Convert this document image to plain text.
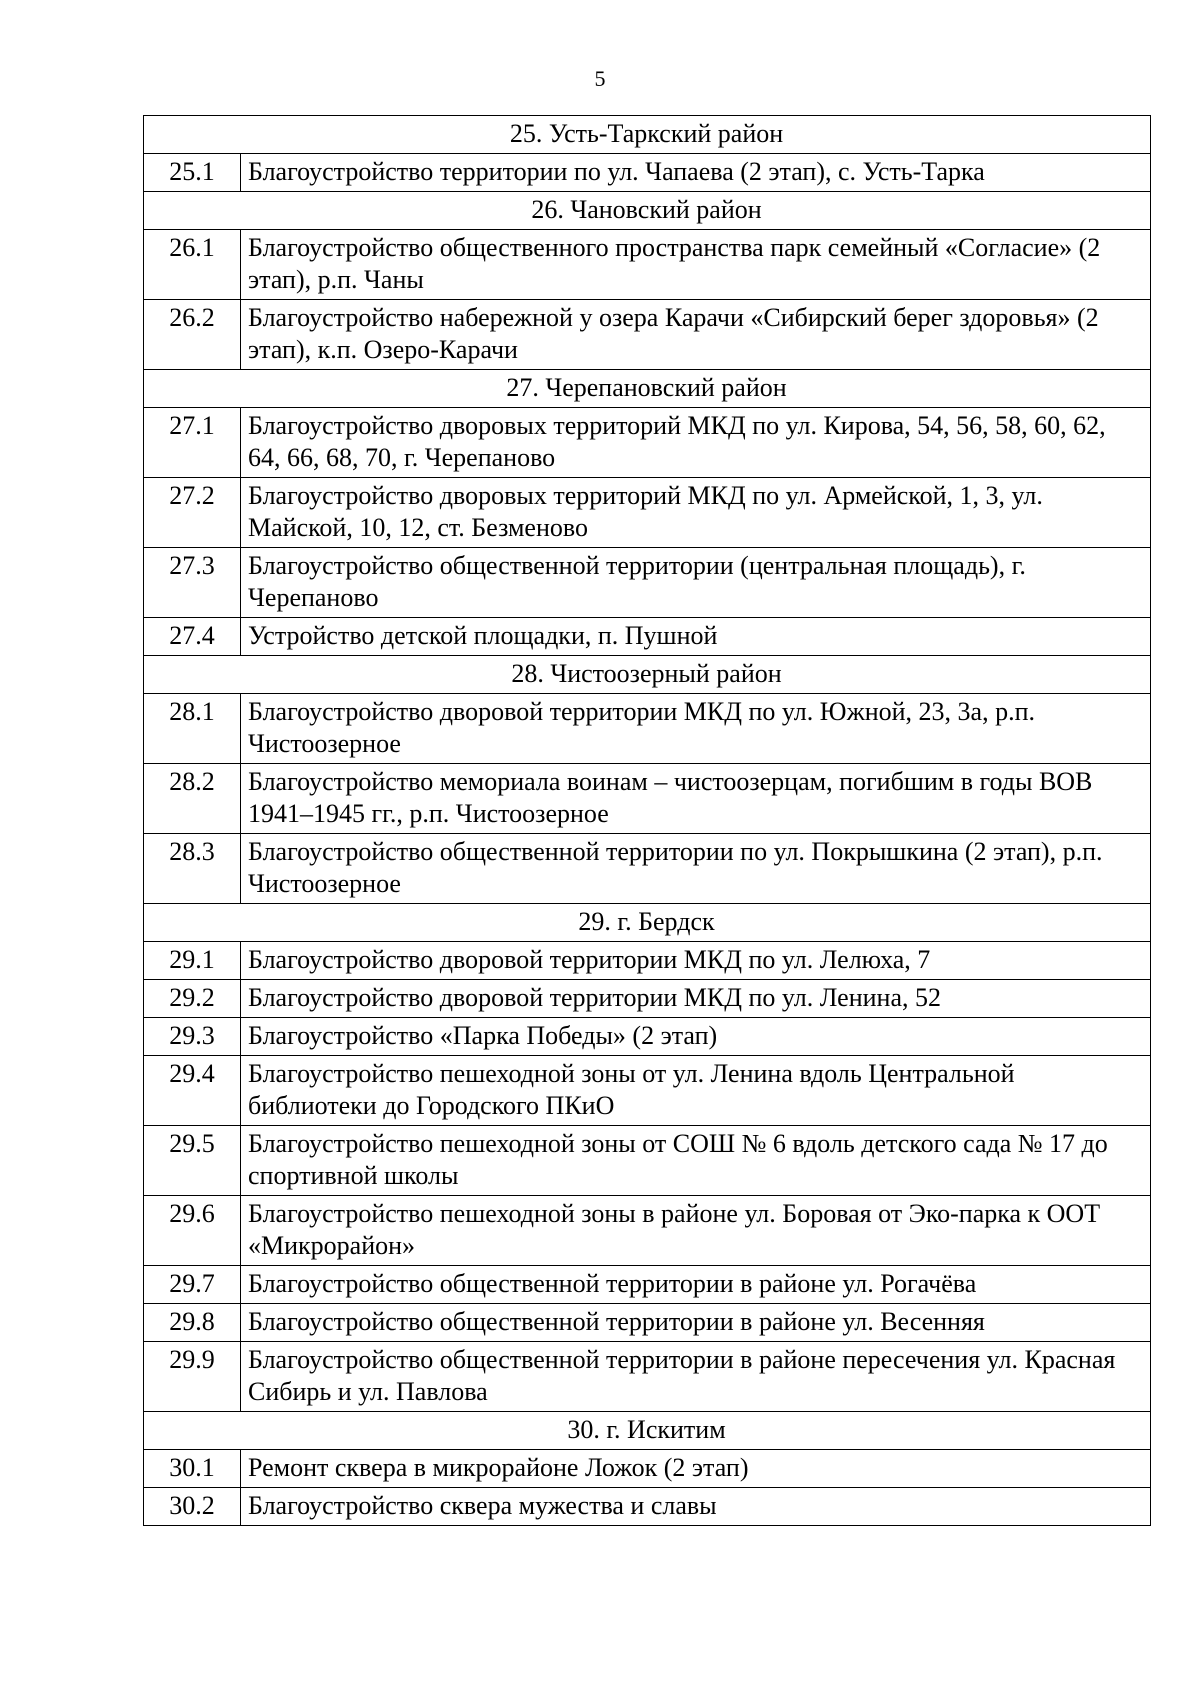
5
25. Усть-Таркский район	
25.1	Благоустройство территории по ул. Чапаева (2 этап), с. Усть-Тарка
26. Чановский район	
26.1	Благоустройство общественного пространства парк семейный «Согласие» (2 этап), р.п. Чаны
26.2	Благоустройство набережной у озера Карачи «Сибирский берег здоровья» (2 этап), к.п. Озеро-Карачи
27. Черепановский район	
27.1	Благоустройство дворовых территорий МКД по ул. Кирова, 54, 56, 58, 60, 62, 64, 66, 68, 70, г. Черепаново
27.2	Благоустройство дворовых территорий МКД по ул. Армейской, 1, 3, ул. Майской, 10, 12, ст. Безменово
27.3	Благоустройство общественной территории (центральная площадь), г. Черепаново
27.4	Устройство детской площадки, п. Пушной
28. Чистоозерный район	
28.1	Благоустройство дворовой территории МКД по ул. Южной, 23, 3а, р.п. Чистоозерное
28.2	Благоустройство мемориала воинам – чистоозерцам, погибшим в годы ВОВ 1941–1945 гг., р.п. Чистоозерное
28.3	Благоустройство общественной территории по ул. Покрышкина (2 этап), р.п. Чистоозерное
29. г. Бердск	
29.1	Благоустройство дворовой территории МКД по ул. Лелюха, 7
29.2	Благоустройство дворовой территории МКД по ул. Ленина, 52
29.3	Благоустройство «Парка Победы» (2 этап)
29.4	Благоустройство пешеходной зоны от ул. Ленина вдоль Центральной библиотеки до Городского ПКиО
29.5	Благоустройство пешеходной зоны от СОШ № 6 вдоль детского сада № 17 до спортивной школы
29.6	Благоустройство пешеходной зоны в районе ул. Боровая от Эко-парка к ООТ «Микрорайон»
29.7	Благоустройство общественной территории в районе ул. Рогачёва
29.8	Благоустройство общественной территории в районе ул. Весенняя
29.9	Благоустройство общественной территории в районе пересечения ул. Красная Сибирь и ул. Павлова
30. г. Искитим	
30.1	Ремонт сквера в микрорайоне Ложок (2 этап)
30.2	Благоустройство сквера мужества и славы
